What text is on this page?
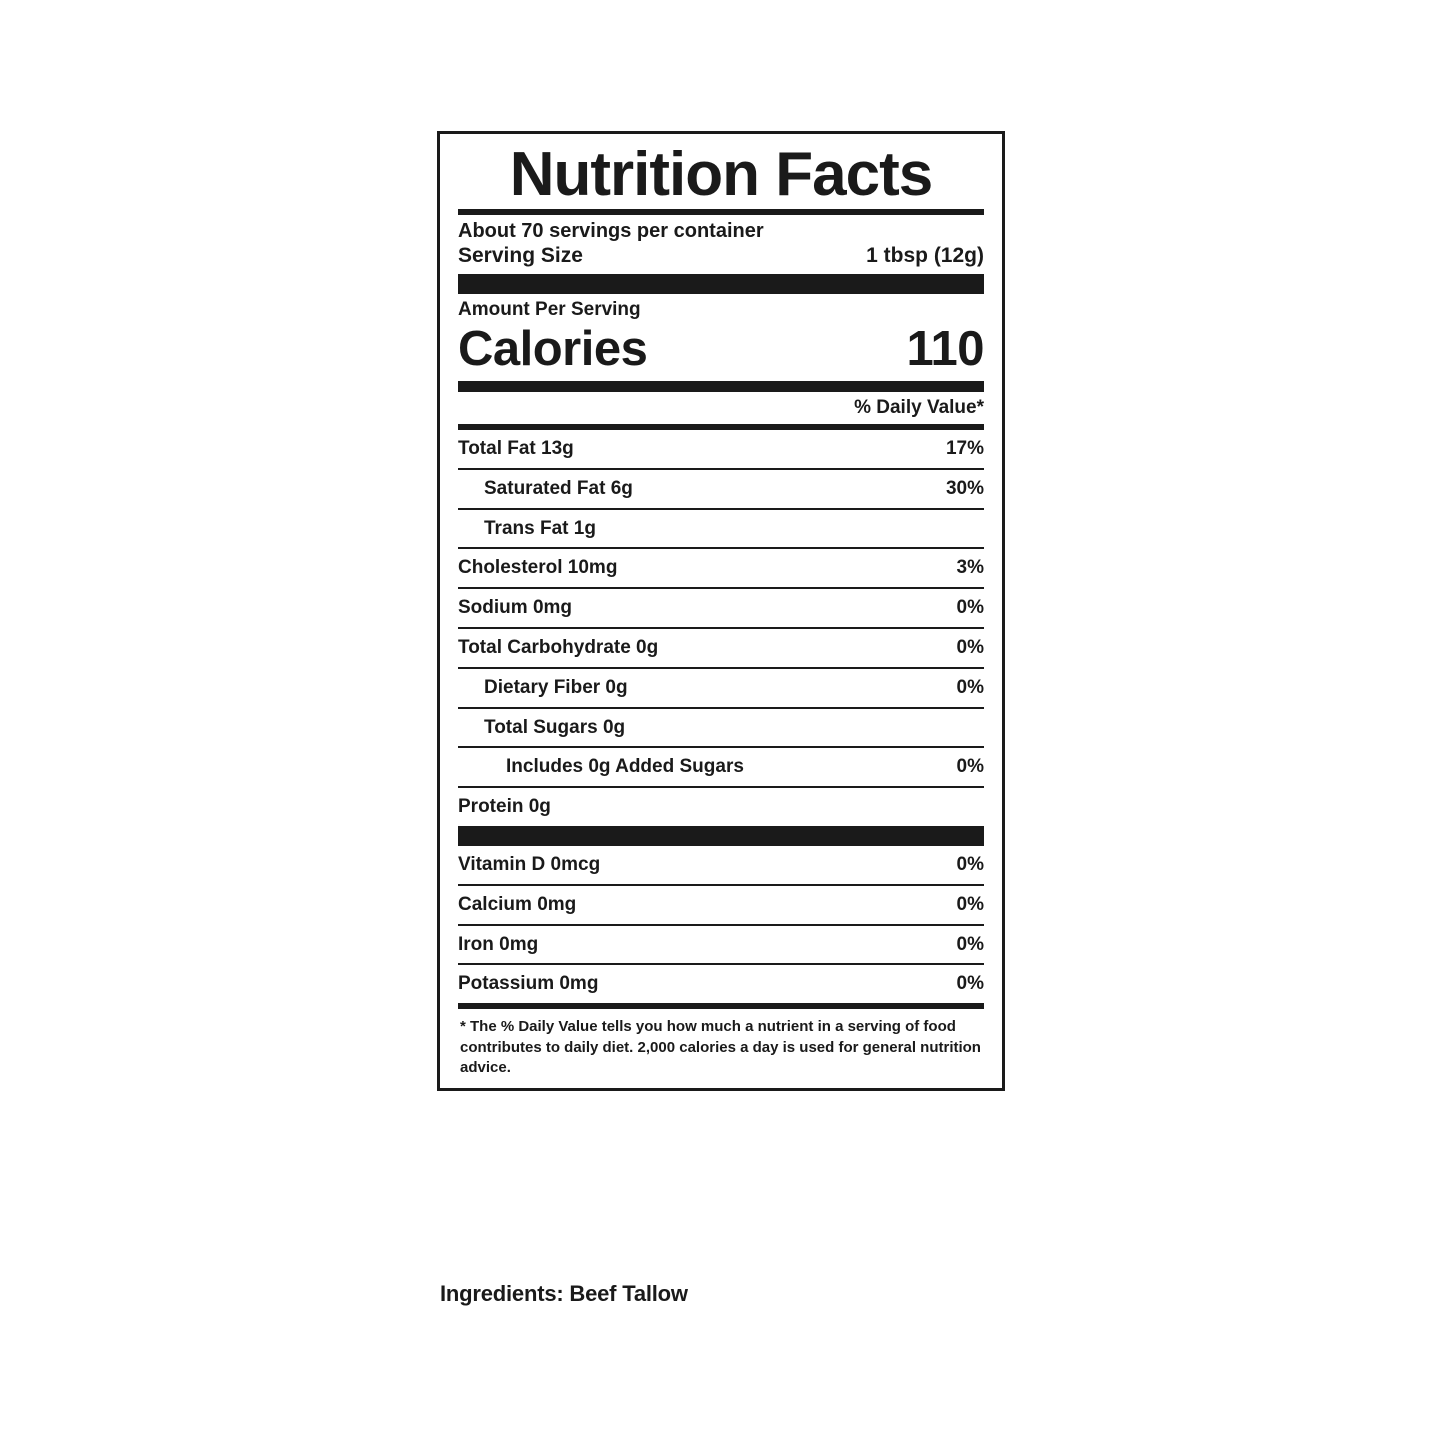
Nutrition Facts
About 70 servings per container
Serving Size	1 tbsp (12g)
Amount Per Serving
Calories	110
% Daily Value*
Total Fat 13g	17%
Saturated Fat 6g	30%
Trans Fat 1g
Cholesterol 10mg	3%
Sodium 0mg	0%
Total Carbohydrate 0g	0%
Dietary Fiber 0g	0%
Total Sugars 0g
Includes 0g Added Sugars	0%
Protein 0g
Vitamin D 0mcg	0%
Calcium 0mg	0%
Iron 0mg	0%
Potassium 0mg	0%
* The % Daily Value tells you how much a nutrient in a serving of food contributes to daily diet. 2,000 calories a day is used for general nutrition advice.
Ingredients: Beef Tallow
